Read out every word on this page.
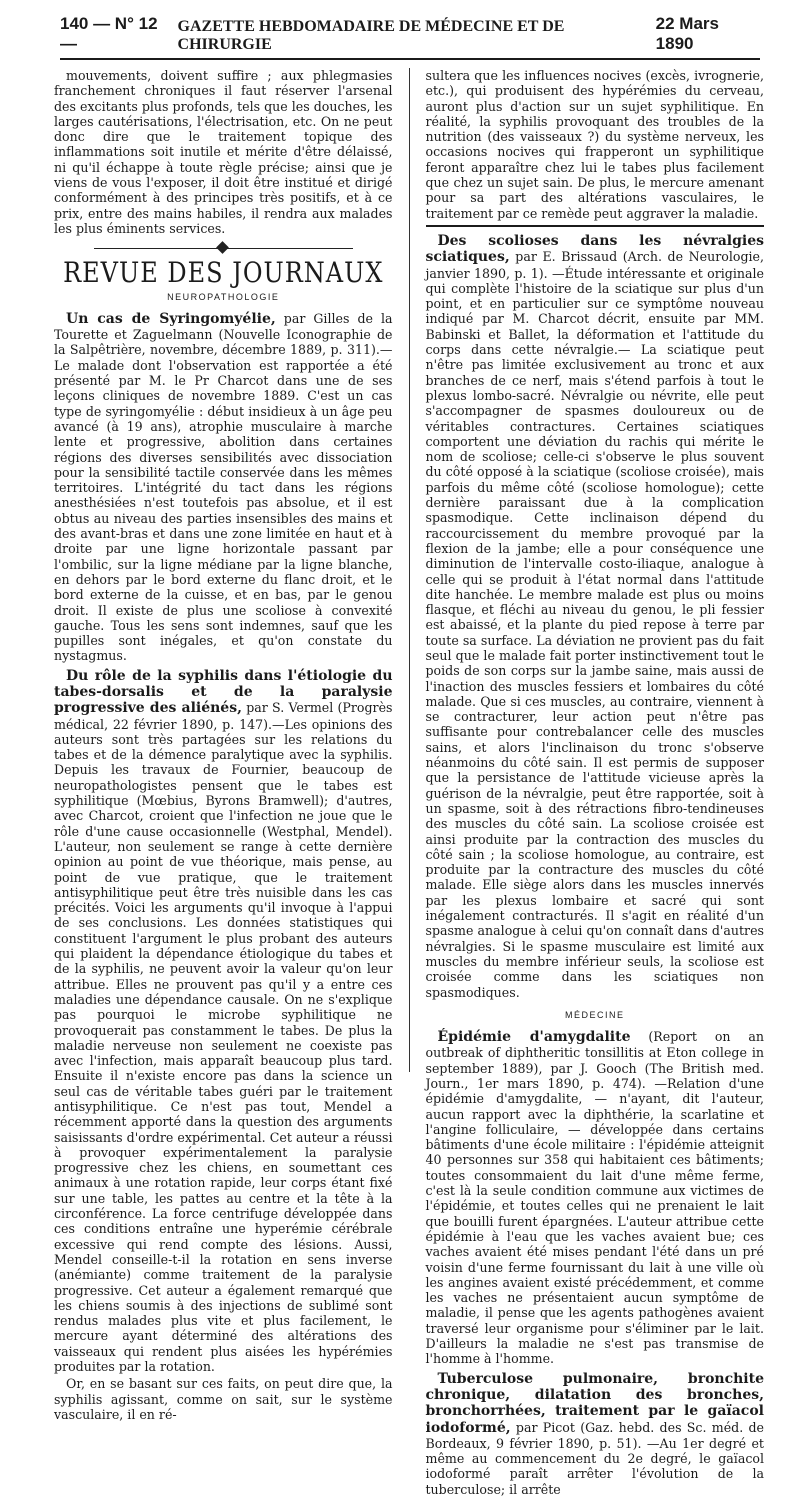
140 — N° 12 —
GAZETTE HEBDOMADAIRE DE MÉDECINE ET DE CHIRURGIE
22 Mars 1890

mouvements, doivent suffire ; aux phlegmasies franchement chroniques il faut réserver l'arsenal des excitants plus profonds, tels que les douches, les larges cautérisations, l'électrisation, etc. On ne peut donc dire que le traitement topique des inflammations soit inutile et mérite d'être délaissé, ni qu'il échappe à toute règle précise; ainsi que je viens de vous l'exposer, il doit être institué et dirigé conformément à des principes très positifs, et à ce prix, entre des mains habiles, il rendra aux malades les plus éminents services.

REVUE DES JOURNAUX
NEUROPATHOLOGIE

Un cas de Syringomyélie, par Gilles de la Tourette et Zaguelmann (Nouvelle Iconographie de la Salpêtrière, novembre, décembre 1889, p. 311).—Le malade dont l'observation est rapportée a été présenté par M. le Pr Charcot dans une de ses leçons cliniques de novembre 1889. C'est un cas type de syringomyélie : début insidieux à un âge peu avancé (à 19 ans), atrophie musculaire à marche lente et progressive, abolition dans certaines régions des diverses sensibilités avec dissociation pour la sensibilité tactile conservée dans les mêmes territoires. L'intégrité du tact dans les régions anesthésiées n'est toutefois pas absolue, et il est obtus au niveau des parties insensibles des mains et des avant-bras et dans une zone limitée en haut et à droite par une ligne horizontale passant par l'ombilic, sur la ligne médiane par la ligne blanche, en dehors par le bord externe du flanc droit, et le bord externe de la cuisse, et en bas, par le genou droit. Il existe de plus une scoliose à convexité gauche. Tous les sens sont indemnes, sauf que les pupilles sont inégales, et qu'on constate du nystagmus.

Du rôle de la syphilis dans l'étiologie du tabes-dorsalis et de la paralysie progressive des aliénés, par S. Vermel (Progrès médical, 22 février 1890, p. 147).—Les opinions des auteurs sont très partagées sur les relations du tabes et de la démence paralytique avec la syphilis. Depuis les travaux de Fournier, beaucoup de neuropathologistes pensent que le tabes est syphilitique (Mœbius, Byrons Bramwell); d'autres, avec Charcot, croient que l'infection ne joue que le rôle d'une cause occasionnelle (Westphal, Mendel). L'auteur, non seulement se range à cette dernière opinion au point de vue théorique, mais pense, au point de vue pratique, que le traitement antisyphilitique peut être très nuisible dans les cas précités. Voici les arguments qu'il invoque à l'appui de ses conclusions. Les données statistiques qui constituent l'argument le plus probant des auteurs qui plaident la dépendance étiologique du tabes et de la syphilis, ne peuvent avoir la valeur qu'on leur attribue. Elles ne prouvent pas qu'il y a entre ces maladies une dépendance causale. On ne s'explique pas pourquoi le microbe syphilitique ne provoquerait pas constamment le tabes. De plus la maladie nerveuse non seulement ne coexiste pas avec l'infection, mais apparaît beaucoup plus tard. Ensuite il n'existe encore pas dans la science un seul cas de véritable tabes guéri par le traitement antisyphilitique. Ce n'est pas tout, Mendel a récemment apporté dans la question des arguments saisissants d'ordre expérimental. Cet auteur a réussi à provoquer expérimentalement la paralysie progressive chez les chiens, en soumettant ces animaux à une rotation rapide, leur corps étant fixé sur une table, les pattes au centre et la tête à la circonférence. La force centrifuge développée dans ces conditions entraîne une hyperémie cérébrale excessive qui rend compte des lésions. Aussi, Mendel conseille-t-il la rotation en sens inverse (anémiante) comme traitement de la paralysie progressive. Cet auteur a également remarqué que les chiens soumis à des injections de sublimé sont rendus malades plus vite et plus facilement, le mercure ayant déterminé des altérations des vaisseaux qui rendent plus aisées les hypérémies produites par la rotation.

Or, en se basant sur ces faits, on peut dire que, la syphilis agissant, comme on sait, sur le système vasculaire, il en ré-

sultera que les influences nocives (excès, ivrognerie, etc.), qui produisent des hypérémies du cerveau, auront plus d'action sur un sujet syphilitique. En réalité, la syphilis provoquant des troubles de la nutrition (des vaisseaux ?) du système nerveux, les occasions nocives qui frapperont un syphilitique feront apparaître chez lui le tabes plus facilement que chez un sujet sain. De plus, le mercure amenant pour sa part des altérations vasculaires, le traitement par ce remède peut aggraver la maladie.

Des scolioses dans les névralgies sciatiques, par E. Brissaud (Arch. de Neurologie, janvier 1890, p. 1). —Étude intéressante et originale qui complète l'histoire de la sciatique sur plus d'un point, et en particulier sur ce symptôme nouveau indiqué par M. Charcot décrit, ensuite par MM. Babinski et Ballet, la déformation et l'attitude du corps dans cette névralgie.— La sciatique peut n'être pas limitée exclusivement au tronc et aux branches de ce nerf, mais s'étend parfois à tout le plexus lombo-sacré. Névralgie ou névrite, elle peut s'accompagner de spasmes douloureux ou de véritables contractures. Certaines sciatiques comportent une déviation du rachis qui mérite le nom de scoliose; celle-ci s'observe le plus souvent du côté opposé à la sciatique (scoliose croisée), mais parfois du même côté (scoliose homologue); cette dernière paraissant due à la complication spasmodique. Cette inclinaison dépend du raccourcissement du membre provoqué par la flexion de la jambe; elle a pour conséquence une diminution de l'intervalle costo-iliaque, analogue à celle qui se produit à l'état normal dans l'attitude dite hanchée. Le membre malade est plus ou moins flasque, et fléchi au niveau du genou, le pli fessier est abaissé, et la plante du pied repose à terre par toute sa surface. La déviation ne provient pas du fait seul que le malade fait porter instinctivement tout le poids de son corps sur la jambe saine, mais aussi de l'inaction des muscles fessiers et lombaires du côté malade. Que si ces muscles, au contraire, viennent à se contracturer, leur action peut n'être pas suffisante pour contrebalancer celle des muscles sains, et alors l'inclinaison du tronc s'observe néanmoins du côté sain. Il est permis de supposer que la persistance de l'attitude vicieuse après la guérison de la névralgie, peut être rapportée, soit à un spasme, soit à des rétractions fibro-tendineuses des muscles du côté sain. La scoliose croisée est ainsi produite par la contraction des muscles du côté sain ; la scoliose homologue, au contraire, est produite par la contracture des muscles du côté malade. Elle siège alors dans les muscles innervés par les plexus lombaire et sacré qui sont inégalement contracturés. Il s'agit en réalité d'un spasme analogue à celui qu'on connaît dans d'autres névralgies. Si le spasme musculaire est limité aux muscles du membre inférieur seuls, la scoliose est croisée comme dans les sciatiques non spasmodiques.

MÉDECINE

Épidémie d'amygdalite (Report on an outbreak of diphtheritic tonsillitis at Eton college in september 1889), par J. Gooch (The British med. Journ., 1er mars 1890, p. 474). —Relation d'une épidémie d'amygdalite, — n'ayant, dit l'auteur, aucun rapport avec la diphthérie, la scarlatine et l'angine folliculaire, — développée dans certains bâtiments d'une école militaire : l'épidémie atteignit 40 personnes sur 358 qui habitaient ces bâtiments; toutes consommaient du lait d'une même ferme, c'est là la seule condition commune aux victimes de l'épidémie, et toutes celles qui ne prenaient le lait que bouilli furent épargnées. L'auteur attribue cette épidémie à l'eau que les vaches avaient bue; ces vaches avaient été mises pendant l'été dans un pré voisin d'une ferme fournissant du lait à une ville où les angines avaient existé précédemment, et comme les vaches ne présentaient aucun symptôme de maladie, il pense que les agents pathogènes avaient traversé leur organisme pour s'éliminer par le lait. D'ailleurs la maladie ne s'est pas transmise de l'homme à l'homme.

Tuberculose pulmonaire, bronchite chronique, dilatation des bronches, bronchorrhées, traitement par le gaïacol iodoformé, par Picot (Gaz. hebd. des Sc. méd. de Bordeaux, 9 février 1890, p. 51). —Au 1er degré et même au commencement du 2e degré, le gaïacol iodoformé paraît arrêter l'évolution de la tuberculose; il arrête
